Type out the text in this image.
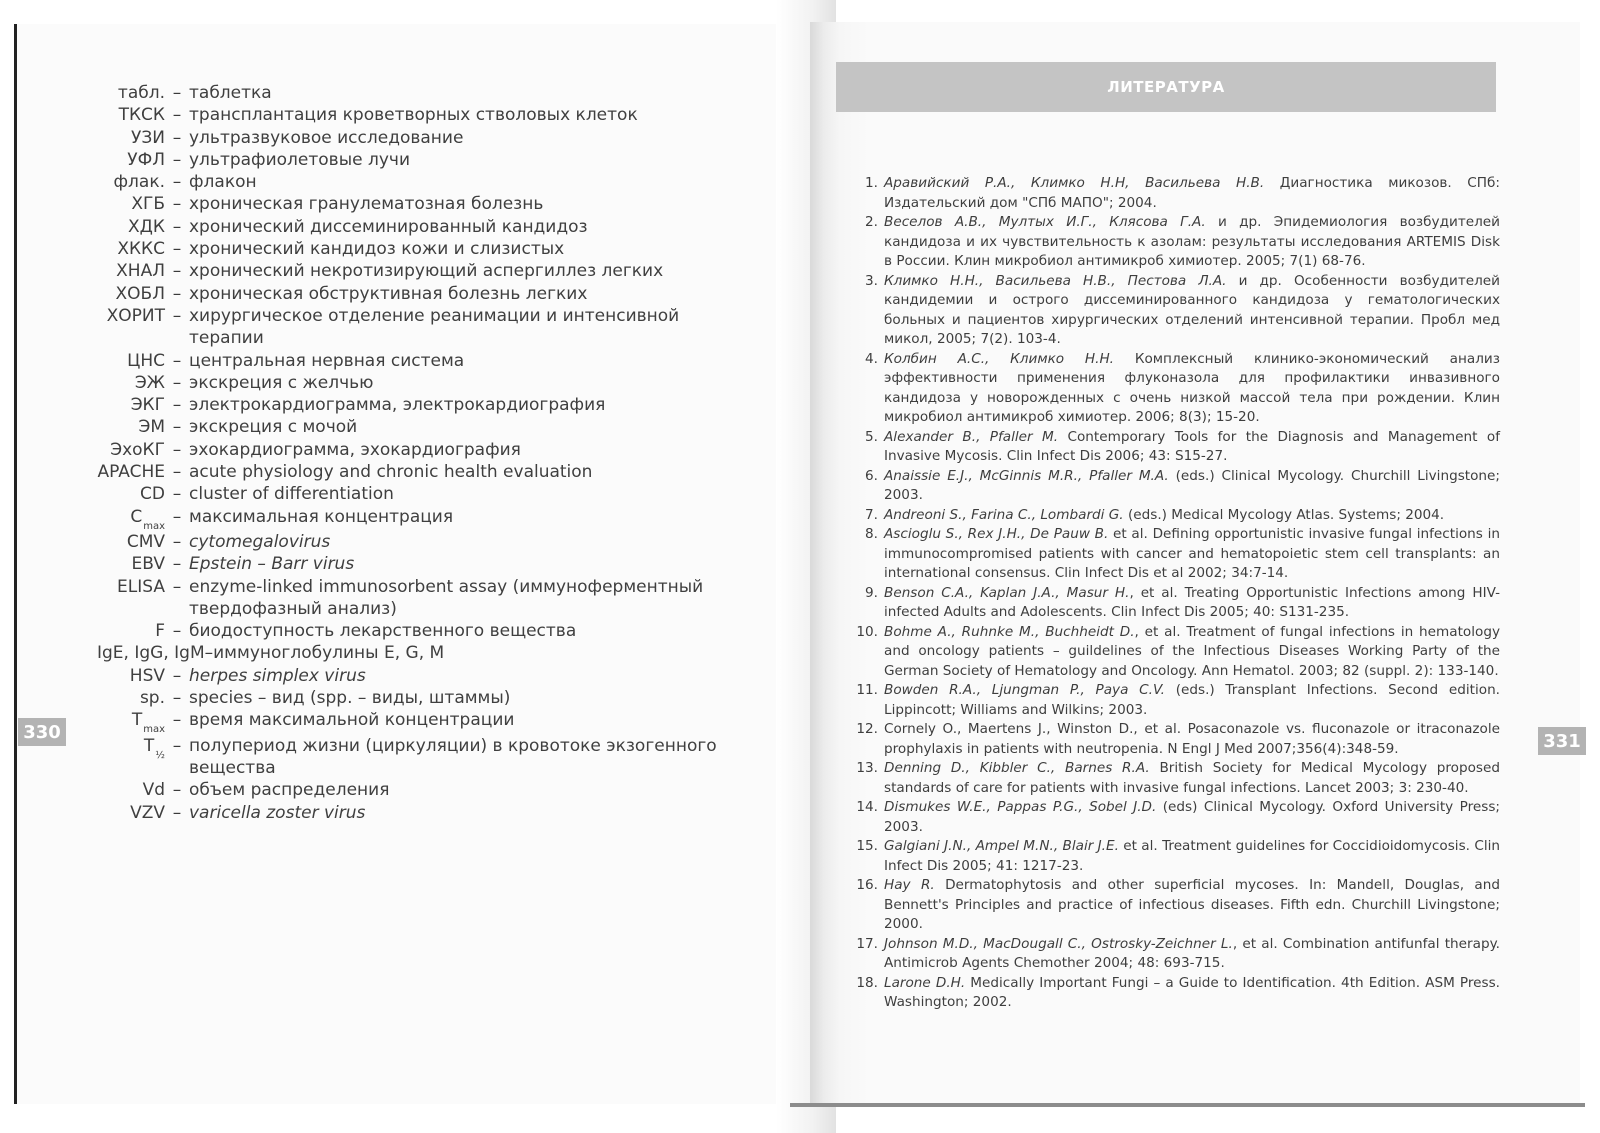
табл. – таблетка
ТКСК – трансплантация кроветворных стволовых клеток
УЗИ – ультразвуковое исследование
УФЛ – ультрафиолетовые лучи
флак. – флакон
ХГБ – хроническая гранулематозная болезнь
ХДК – хронический диссеминированный кандидоз
ХККС – хронический кандидоз кожи и слизистых
ХНАЛ – хронический некротизирующий аспергиллез легких
ХОБЛ – хроническая обструктивная болезнь легких
ХОРИТ – хирургическое отделение реанимации и интенсивной терапии
ЦНС – центральная нервная система
ЭЖ – экскреция с желчью
ЭКГ – электрокардиограмма, электрокардиография
ЭМ – экскреция с мочой
ЭхоКГ – эхокардиограмма, эхокардиография
APACHE – acute physiology and chronic health evaluation
CD – cluster of differentiation
$C_{max}$ – максимальная концентрация
CMV – cytomegalovirus
EBV – Epstein – Barr virus
ELISA – enzyme-linked immunosorbent assay (иммуноферментный твердофазный анализ)
F – биодоступность лекарственного вещества
IgE, IgG, IgM – иммуноглобулины E, G, M
HSV – herpes simplex virus
sp. – species – вид (spp. – виды, штаммы)
$T_{max}$ – время максимальной концентрации
$T_{\frac{1}{2}}$ – полупериод жизни (циркуляции) в кровотоке экзогенного вещества
Vd – объем распределения
VZV – varicella zoster virus
330	331
ЛИТЕРАТУРА
1. Аравийский Р.А., Климко Н.Н, Васильева Н.В. Диагностика микозов. СПб: Издательский дом "СПб МАПО"; 2004.
2. Веселов А.В., Мултых И.Г., Клясова Г.А. и др. Эпидемиология возбудителей кандидоза и их чувствительность к азолам: результаты исследования ARTEMIS Disk в России. Клин микробиол антимикроб химиотер. 2005; 7(1) 68-76.
3. Климко Н.Н., Васильева Н.В., Пестова Л.А. и др. Особенности возбудителей кандидемии и острого диссеминированного кандидоза у гематологических больных и пациентов хирургических отделений интенсивной терапии. Пробл мед микол, 2005; 7(2). 103-4.
4. Колбин А.С., Климко Н.Н. Комплексный клинико-экономический анализ эффективности применения флуконазола для профилактики инвазивного кандидоза у новорожденных с очень низкой массой тела при рождении. Клин микробиол антимикроб химиотер. 2006; 8(3); 15-20.
5. Alexander B., Pfaller M. Contemporary Tools for the Diagnosis and Management of Invasive Mycosis. Clin Infect Dis 2006; 43: S15-27.
6. Anaissie E.J., McGinnis M.R., Pfaller M.A. (eds.) Clinical Mycology. Churchill Livingstone; 2003.
7. Andreoni S., Farina C., Lombardi G. (eds.) Medical Mycology Atlas. Systems; 2004.
8. Ascioglu S., Rex J.H., De Pauw B. et al. Defining opportunistic invasive fungal infections in immunocompromised patients with cancer and hematopoietic stem cell transplants: an international consensus. Clin Infect Dis et al 2002; 34:7-14.
9. Benson C.A., Kaplan J.A., Masur H., et al. Treating Opportunistic Infections among HIV-infected Adults and Adolescents. Clin Infect Dis 2005; 40: S131-235.
10. Bohme A., Ruhnke M., Buchheidt D., et al. Treatment of fungal infections in hematology and oncology patients – guildelines of the Infectious Diseases Working Party of the German Society of Hematology and Oncology. Ann Hematol. 2003; 82 (suppl. 2): 133-140.
11. Bowden R.A., Ljungman P., Paya C.V. (eds.) Transplant Infections. Second edition. Lippincott; Williams and Wilkins; 2003.
12. Cornely O., Maertens J., Winston D., et al. Posaconazole vs. fluconazole or itraconazole prophylaxis in patients with neutropenia. N Engl J Med 2007;356(4):348-59.
13. Denning D., Kibbler C., Barnes R.A. British Society for Medical Mycology proposed standards of care for patients with invasive fungal infections. Lancet 2003; 3: 230-40.
14. Dismukes W.E., Pappas P.G., Sobel J.D. (eds) Clinical Mycology. Oxford University Press; 2003.
15. Galgiani J.N., Ampel M.N., Blair J.E. et al. Treatment guidelines for Coccidioidomycosis. Clin Infect Dis 2005; 41: 1217-23.
16. Hay R. Dermatophytosis and other superficial mycoses. In: Mandell, Douglas, and Bennett's Principles and practice of infectious diseases. Fifth edn. Churchill Livingstone; 2000.
17. Johnson M.D., MacDougall C., Ostrosky-Zeichner L., et al. Combination antifunfal therapy. Antimicrob Agents Chemother 2004; 48: 693-715.
18. Larone D.H. Medically Important Fungi – a Guide to Identification. 4th Edition. ASM Press. Washington; 2002.
